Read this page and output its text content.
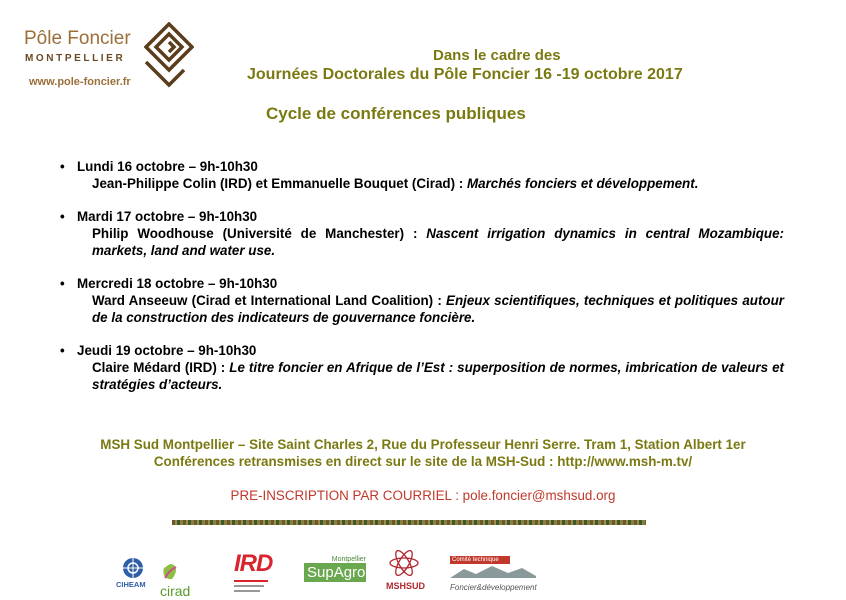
Pôle Foncier
MONTPELLIER
www.pole-foncier.fr
Dans le cadre des
Journées Doctorales du Pôle Foncier 16 -19 octobre 2017
Cycle de conférences publiques
• Lundi 16 octobre – 9h-10h30
Jean-Philippe Colin (IRD) et Emmanuelle Bouquet (Cirad) : Marchés fonciers et développement.
• Mardi 17 octobre – 9h-10h30
Philip Woodhouse (Université de Manchester) : Nascent irrigation dynamics in central Mozambique: markets, land and water use.
• Mercredi 18 octobre – 9h-10h30
Ward Anseeuw (Cirad et International Land Coalition) : Enjeux scientifiques, techniques et politiques autour de la construction des indicateurs de gouvernance foncière.
• Jeudi 19 octobre – 9h-10h30
Claire Médard (IRD) : Le titre foncier en Afrique de l’Est : superposition de normes, imbrication de valeurs et stratégies d’acteurs.
MSH Sud Montpellier – Site Saint Charles 2, Rue du Professeur Henri Serre. Tram 1, Station Albert 1er
Conférences retransmises en direct sur le site de la MSH-Sud : http://www.msh-m.tv/
PRE-INSCRIPTION PAR COURRIEL : pole.foncier@mshsud.org
CIHEAM	cirad
IRD	Montpellier
SupAgro
MSHSUD
Comité technique
Foncier&développement
